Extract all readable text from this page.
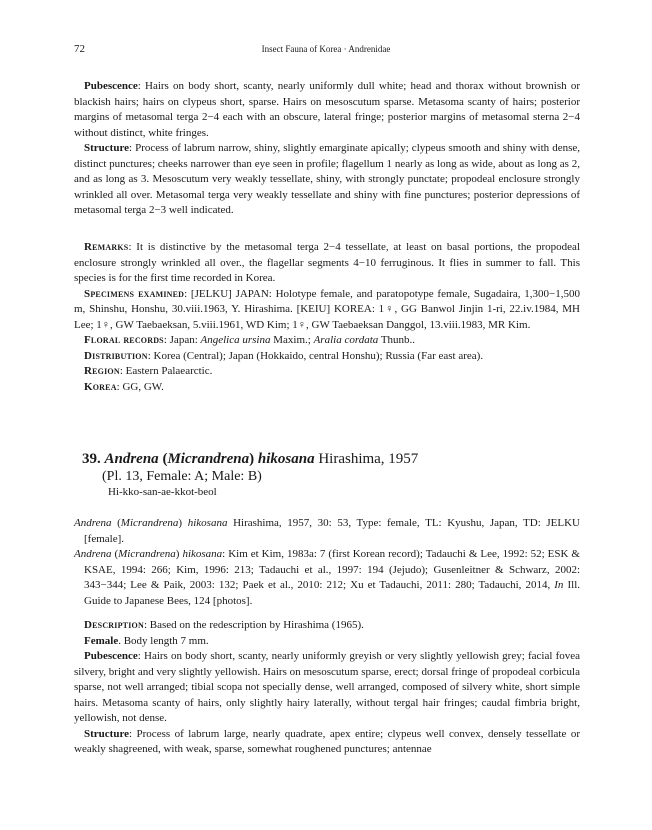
72	Insect Fauna of Korea · Andrenidae

Pubescence: Hairs on body short, scanty, nearly uniformly dull white; head and thorax without brownish or blackish hairs; hairs on clypeus short, sparse. Hairs on mesoscutum sparse. Metasoma scanty of hairs; posterior margins of metasomal terga 2−4 each with an obscure, lateral fringe; posterior margins of metasomal sterna 2−4 without distinct, white fringes.

Structure: Process of labrum narrow, shiny, slightly emarginate apically; clypeus smooth and shiny with dense, distinct punctures; cheeks narrower than eye seen in profile; flagellum 1 nearly as long as wide, about as long as 2, and as long as 3. Mesoscutum very weakly tessellate, shiny, with strongly punctate; propodeal enclosure strongly wrinkled all over. Metasomal terga very weakly tessellate and shiny with fine punctures; posterior depressions of metasomal terga 2−3 well indicated.

Remarks: It is distinctive by the metasomal terga 2−4 tessellate, at least on basal portions, the propodeal enclosure strongly wrinkled all over., the flagellar segments 4−10 ferruginous. It flies in summer to fall. This species is for the first time recorded in Korea.

Specimens examined: [JELKU] JAPAN: Holotype female, and paratopotype female, Sugadaira, 1,300−1,500 m, Shinshu, Honshu, 30.viii.1963, Y. Hirashima. [KEIU] KOREA: 1♀, GG Banwol Jinjin 1-ri, 22.iv.1984, MH Lee; 1♀, GW Taebaeksan, 5.viii.1961, WD Kim; 1♀, GW Taebaeksan Danggol, 13.viii.1983, MR Kim.

Floral records: Japan: Angelica ursina Maxim.; Aralia cordata Thunb..

Distribution: Korea (Central); Japan (Hokkaido, central Honshu); Russia (Far east area).

Region: Eastern Palaearctic.

Korea: GG, GW.

39. Andrena (Micrandrena) hikosana Hirashima, 1957
(Pl. 13, Female: A; Male: B)
Hi-kko-san-ae-kkot-beol

Andrena (Micrandrena) hikosana Hirashima, 1957, 30: 53, Type: female, TL: Kyushu, Japan, TD: JELKU [female].

Andrena (Micrandrena) hikosana: Kim et Kim, 1983a: 7 (first Korean record); Tadauchi & Lee, 1992: 52; ESK & KSAE, 1994: 266; Kim, 1996: 213; Tadauchi et al., 1997: 194 (Jejudo); Gusenleitner & Schwarz, 2002: 343−344; Lee & Paik, 2003: 132; Paek et al., 2010: 212; Xu et Tadauchi, 2011: 280; Tadauchi, 2014, In Ill. Guide to Japanese Bees, 124 [photos].

Description: Based on the redescription by Hirashima (1965).

Female. Body length 7 mm.

Pubescence: Hairs on body short, scanty, nearly uniformly greyish or very slightly yellowish grey; facial fovea silvery, bright and very slightly yellowish. Hairs on mesoscutum sparse, erect; dorsal fringe of propodeal corbicula sparse, not well arranged; tibial scopa not specially dense, well arranged, composed of silvery white, short simple hairs. Metasoma scanty of hairs, only slightly hairy laterally, without tergal hair fringes; caudal fimbria bright, yellowish, not dense.

Structure: Process of labrum large, nearly quadrate, apex entire; clypeus well convex, densely tessellate or weakly shagreened, with weak, sparse, somewhat roughened punctures; antennae
